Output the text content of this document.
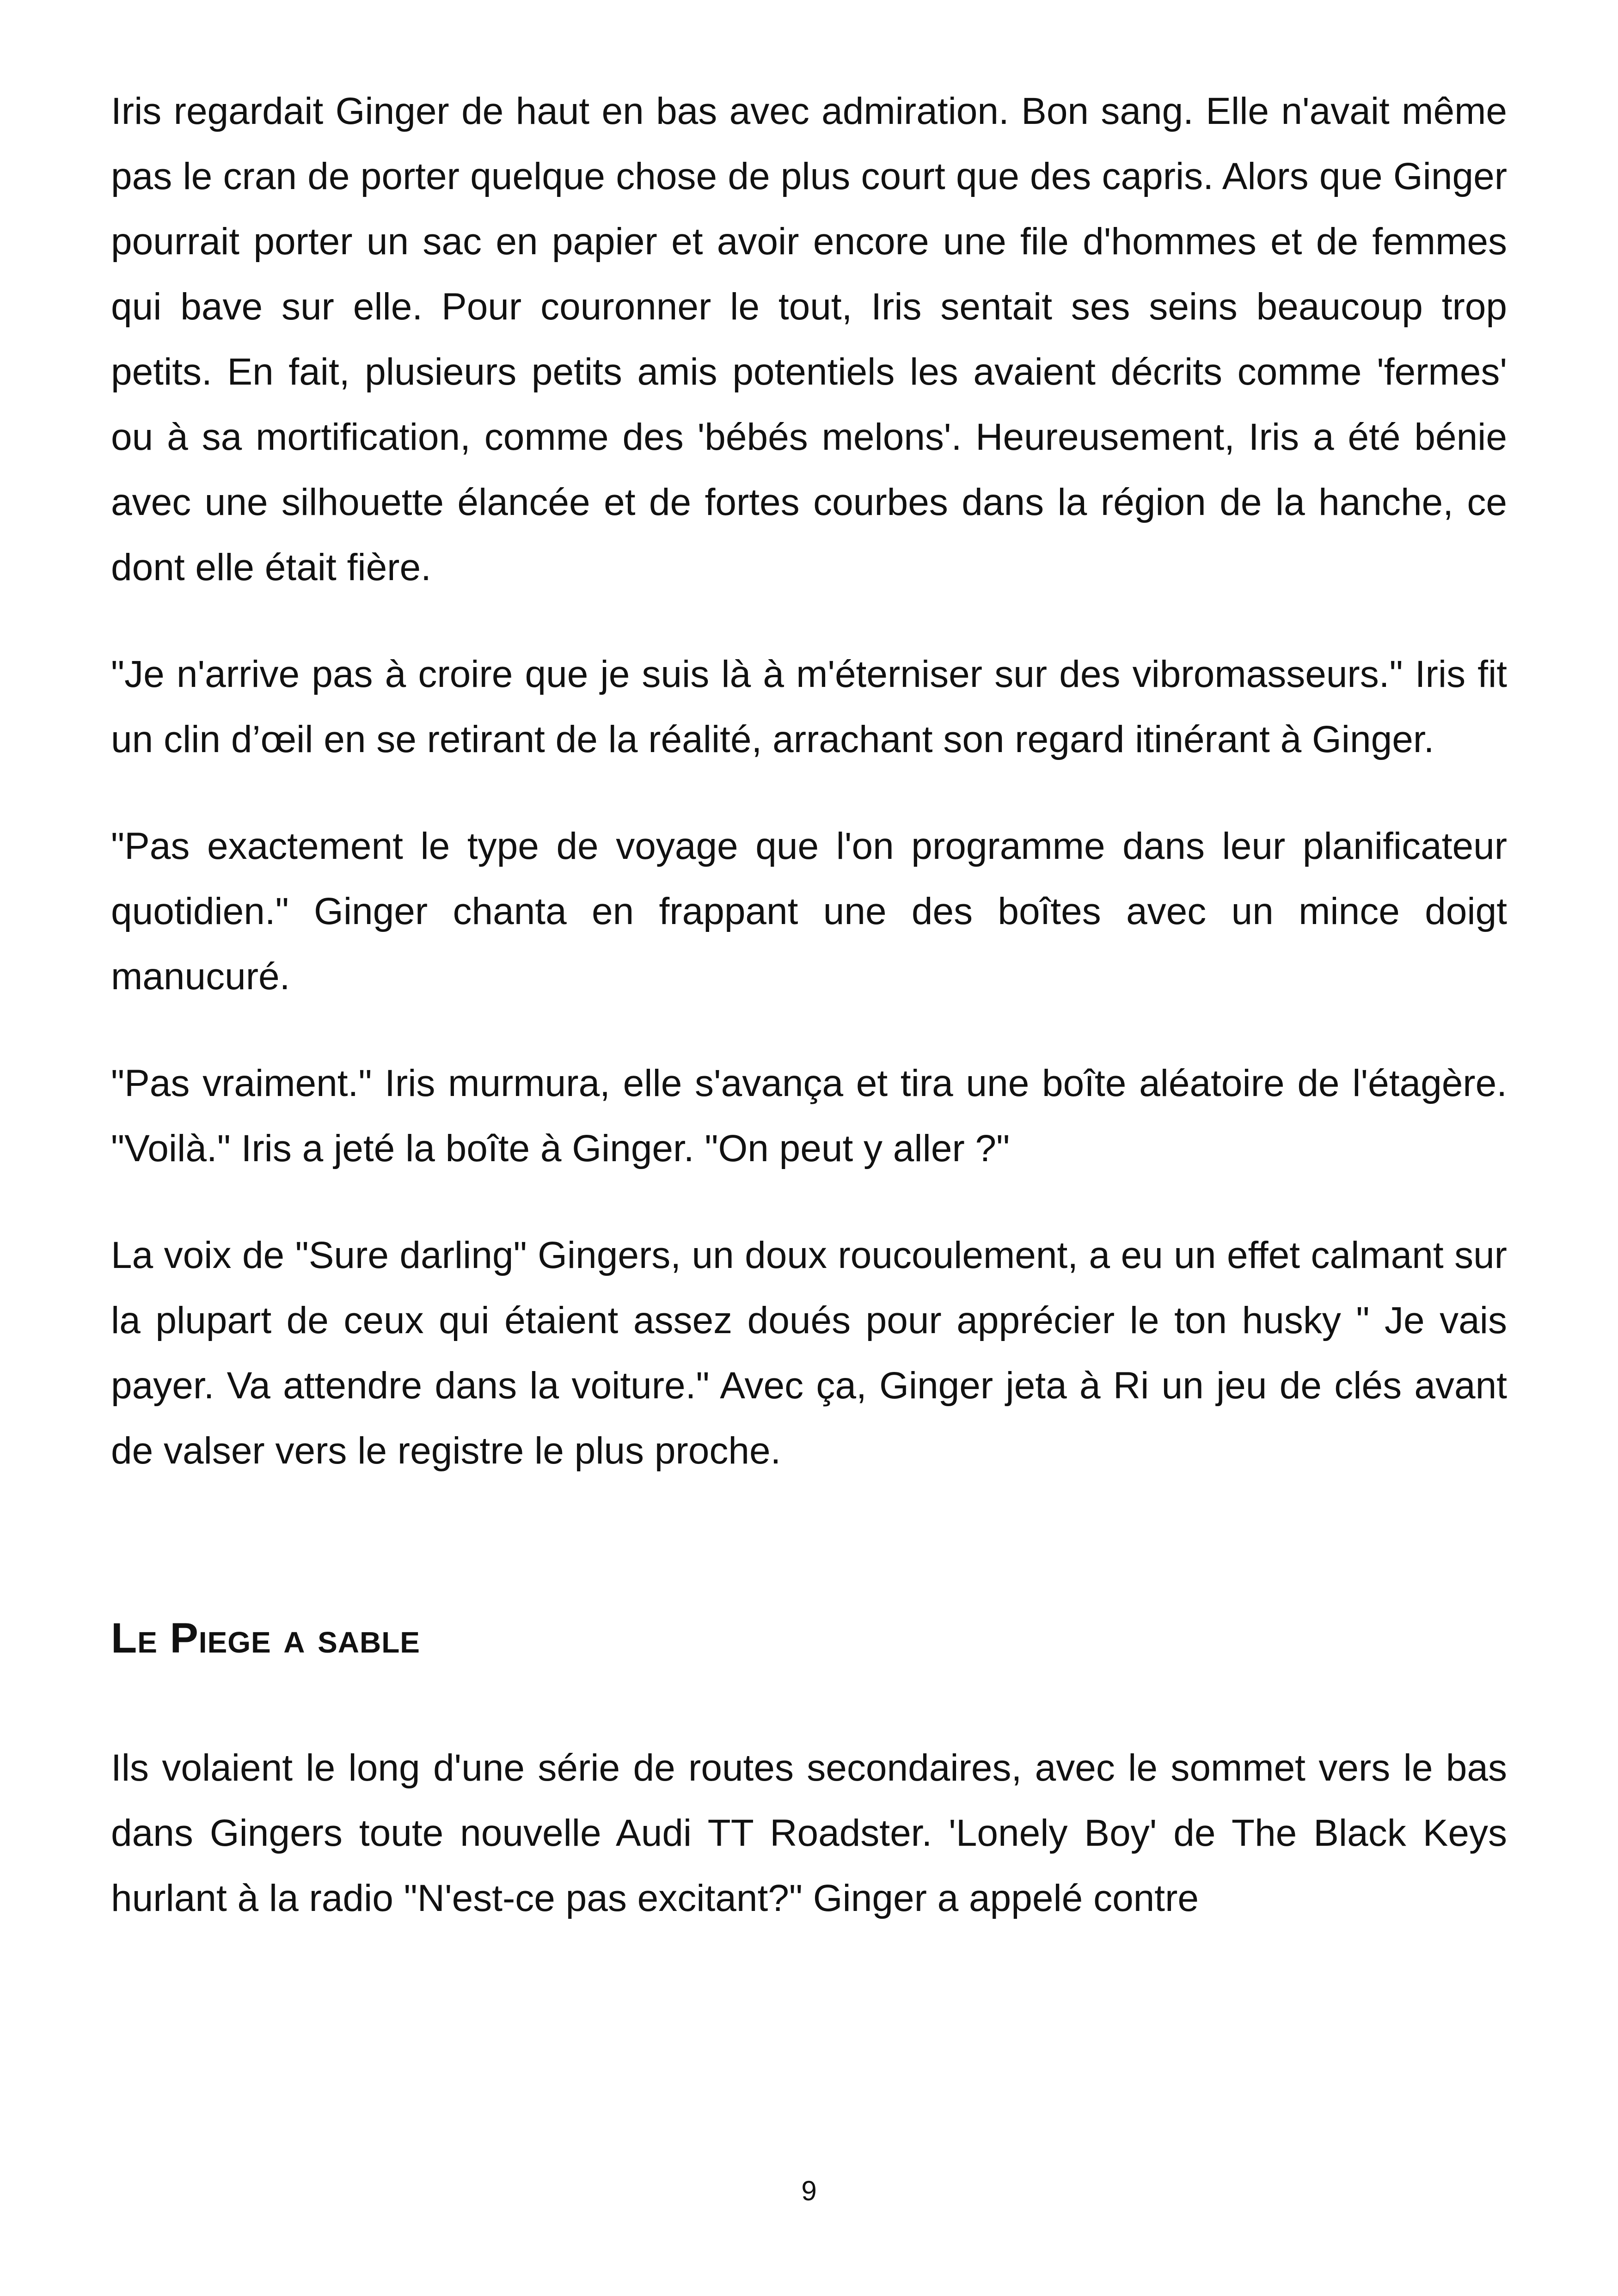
Iris regardait Ginger de haut en bas avec admiration. Bon sang. Elle n'avait même pas le cran de porter quelque chose de plus court que des capris. Alors que Ginger pourrait porter un sac en papier et avoir encore une file d'hommes et de femmes qui bave sur elle. Pour couronner le tout, Iris sentait ses seins beaucoup trop petits. En fait, plusieurs petits amis potentiels les avaient décrits comme 'fermes' ou à sa mortification, comme des 'bébés melons'. Heureusement, Iris a été bénie avec une silhouette élancée et de fortes courbes dans la région de la hanche, ce dont elle était fière.

"Je n'arrive pas à croire que je suis là à m'éterniser sur des vibromasseurs." Iris fit un clin d’œil en se retirant de la réalité, arrachant son regard itinérant à Ginger.

"Pas exactement le type de voyage que l'on programme dans leur planificateur quotidien." Ginger chanta en frappant une des boîtes avec un mince doigt manucuré.

"Pas vraiment." Iris murmura, elle s'avança et tira une boîte aléatoire de l'étagère. "Voilà." Iris a jeté la boîte à Ginger. "On peut y aller ?"

La voix de "Sure darling" Gingers, un doux roucoulement, a eu un effet calmant sur la plupart de ceux qui étaient assez doués pour apprécier le ton husky " Je vais payer. Va attendre dans la voiture." Avec ça, Ginger jeta à Ri un jeu de clés avant de valser vers le registre le plus proche.

Le Piege a sable

Ils volaient le long d'une série de routes secondaires, avec le sommet vers le bas dans Gingers toute nouvelle Audi TT Roadster. 'Lonely Boy' de The Black Keys hurlant à la radio "N'est-ce pas excitant?" Ginger a appelé contre

9
